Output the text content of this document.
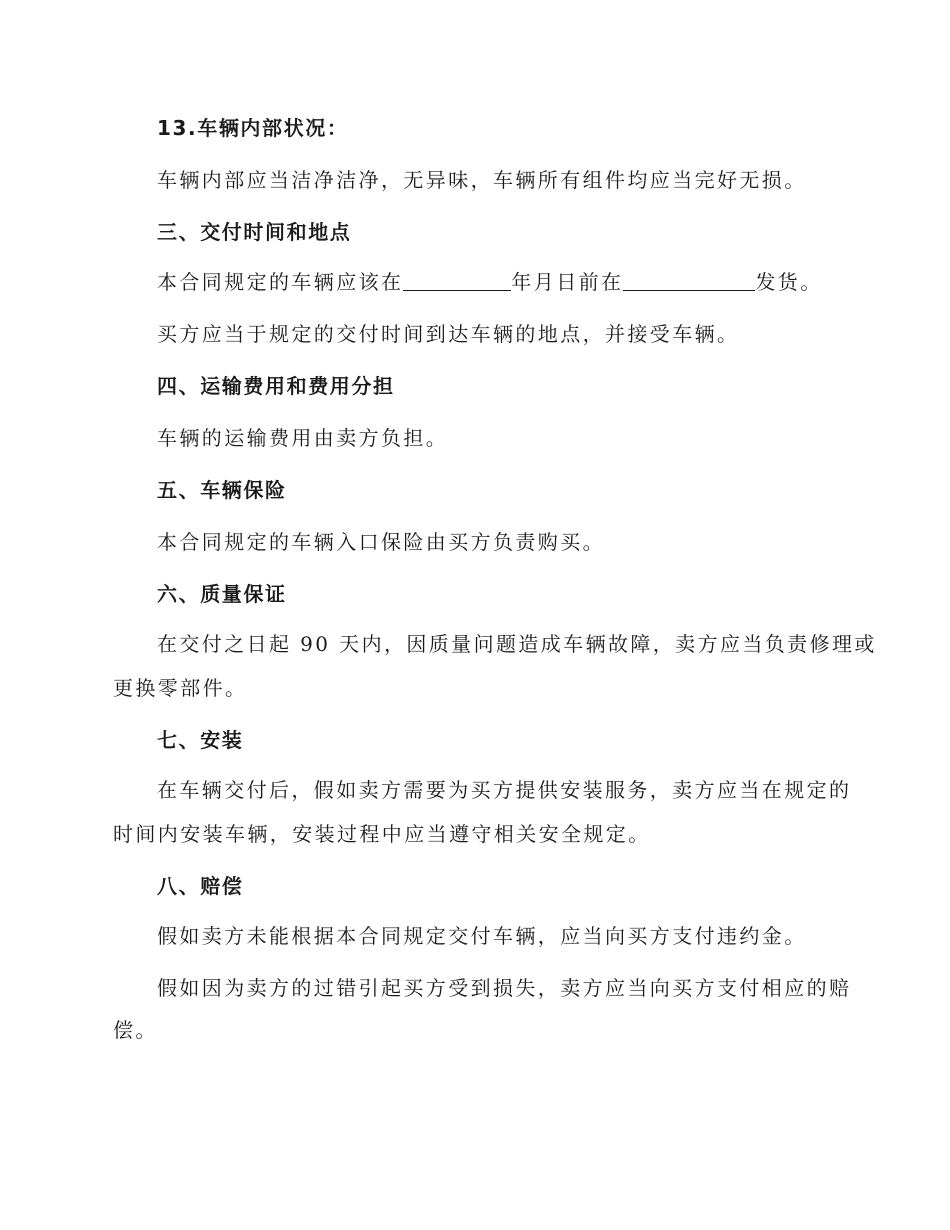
13.车辆内部状况：
车辆内部应当洁净洁净，无异味，车辆所有组件均应当完好无损。
三、交付时间和地点
本合同规定的车辆应该在	年月日前在	发货。
买方应当于规定的交付时间到达车辆的地点，并接受车辆。
四、运输费用和费用分担
车辆的运输费用由卖方负担。
五、车辆保险
本合同规定的车辆入口保险由买方负责购买。
六、质量保证
在交付之日起 90 天内，因质量问题造成车辆故障，卖方应当负责修理或
更换零部件。
七、安装
在车辆交付后，假如卖方需要为买方提供安装服务，卖方应当在规定的
时间内安装车辆，安装过程中应当遵守相关安全规定。
八、赔偿
假如卖方未能根据本合同规定交付车辆，应当向买方支付违约金。
假如因为卖方的过错引起买方受到损失，卖方应当向买方支付相应的赔
偿。
